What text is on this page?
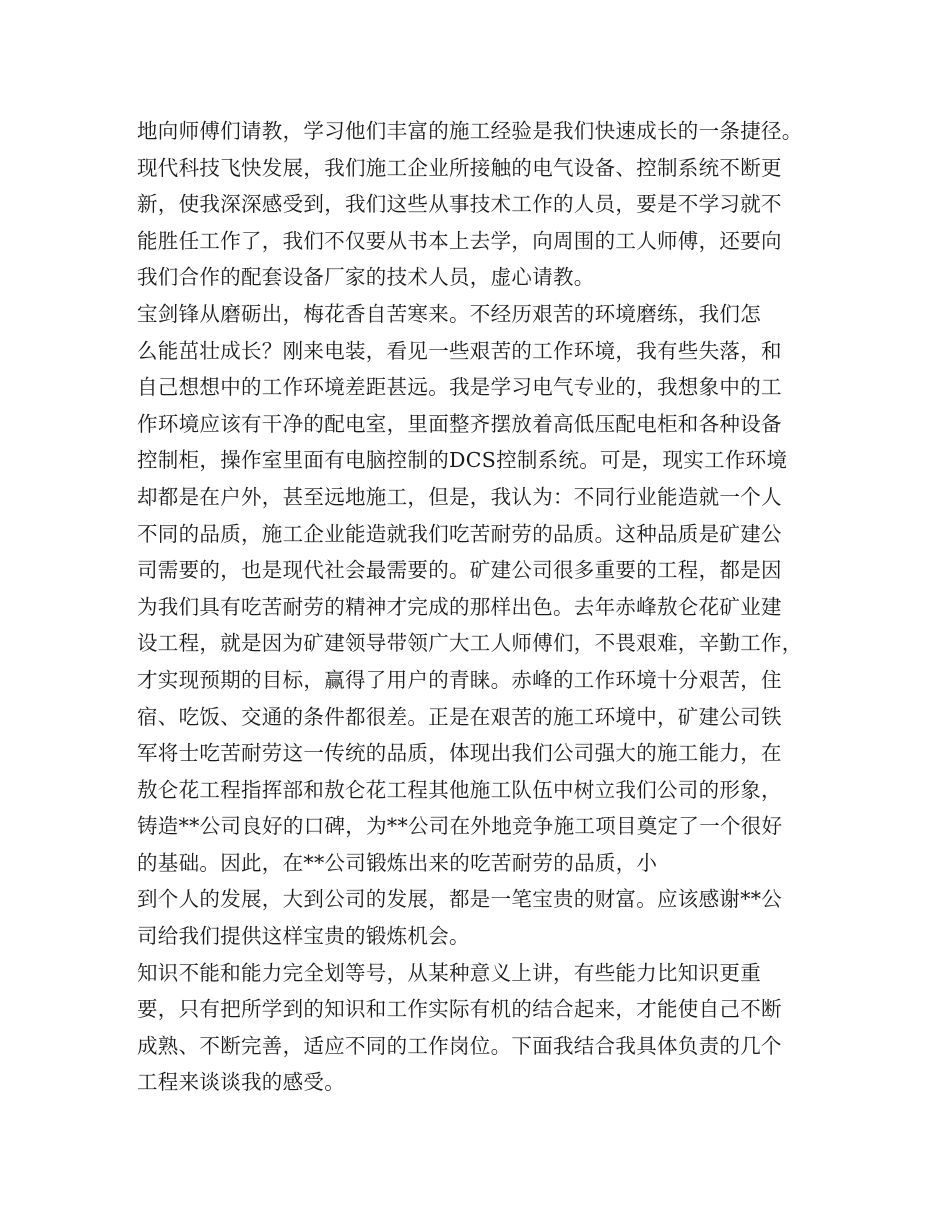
地向师傅们请教，学习他们丰富的施工经验是我们快速成长的一条捷径。
现代科技飞快发展，我们施工企业所接触的电气设备、控制系统不断更
新，使我深深感受到，我们这些从事技术工作的人员，要是不学习就不
能胜任工作了，我们不仅要从书本上去学，向周围的工人师傅，还要向
我们合作的配套设备厂家的技术人员，虚心请教。
宝剑锋从磨砺出，梅花香自苦寒来。不经历艰苦的环境磨练，我们怎
么能茁壮成长？刚来电装，看见一些艰苦的工作环境，我有些失落，和
自己想想中的工作环境差距甚远。我是学习电气专业的，我想象中的工
作环境应该有干净的配电室，里面整齐摆放着高低压配电柜和各种设备
控制柜，操作室里面有电脑控制的DCS控制系统。可是，现实工作环境
却都是在户外，甚至远地施工，但是，我认为：不同行业能造就一个人
不同的品质，施工企业能造就我们吃苦耐劳的品质。这种品质是矿建公
司需要的，也是现代社会最需要的。矿建公司很多重要的工程，都是因
为我们具有吃苦耐劳的精神才完成的那样出色。去年赤峰敖仑花矿业建
设工程，就是因为矿建领导带领广大工人师傅们，不畏艰难，辛勤工作，
才实现预期的目标，赢得了用户的青睐。赤峰的工作环境十分艰苦，住
宿、吃饭、交通的条件都很差。正是在艰苦的施工环境中，矿建公司铁
军将士吃苦耐劳这一传统的品质，体现出我们公司强大的施工能力，在
敖仑花工程指挥部和敖仑花工程其他施工队伍中树立我们公司的形象，
铸造**公司良好的口碑，为**公司在外地竞争施工项目奠定了一个很好
的基础。因此，在**公司锻炼出来的吃苦耐劳的品质，小
到个人的发展，大到公司的发展，都是一笔宝贵的财富。应该感谢**公
司给我们提供这样宝贵的锻炼机会。
知识不能和能力完全划等号，从某种意义上讲，有些能力比知识更重
要，只有把所学到的知识和工作实际有机的结合起来，才能使自己不断
成熟、不断完善，适应不同的工作岗位。下面我结合我具体负责的几个
工程来谈谈我的感受。
